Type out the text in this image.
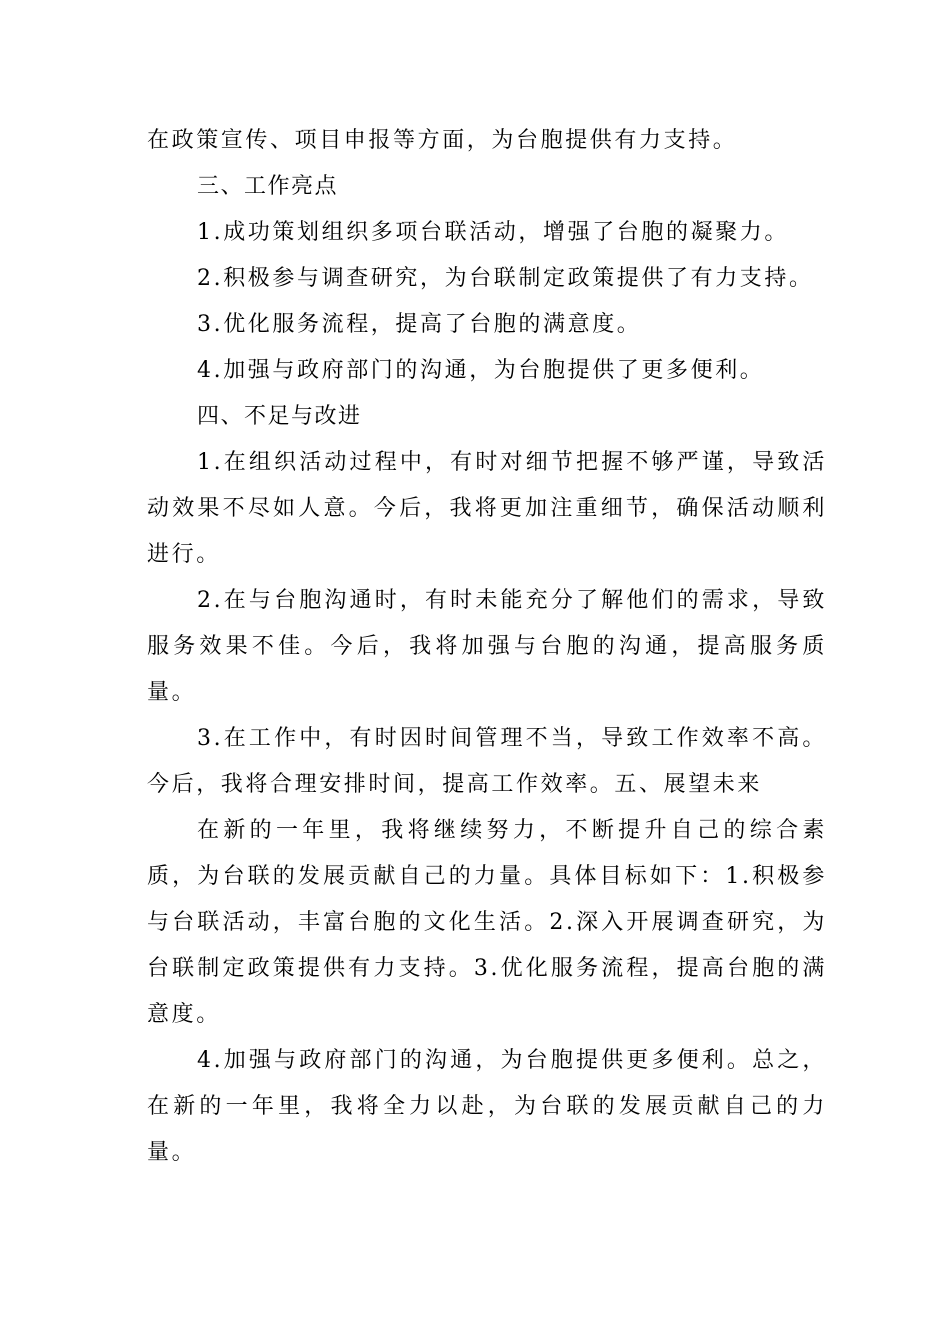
在政策宣传、项目申报等方面，为台胞提供有力支持。

三、工作亮点

1.成功策划组织多项台联活动，增强了台胞的凝聚力。

2.积极参与调查研究，为台联制定政策提供了有力支持。

3.优化服务流程，提高了台胞的满意度。

4.加强与政府部门的沟通，为台胞提供了更多便利。

四、不足与改进

1.在组织活动过程中，有时对细节把握不够严谨，导致活动效果不尽如人意。今后，我将更加注重细节，确保活动顺利进行。

2.在与台胞沟通时，有时未能充分了解他们的需求，导致服务效果不佳。今后，我将加强与台胞的沟通，提高服务质量。

3.在工作中，有时因时间管理不当，导致工作效率不高。今后，我将合理安排时间，提高工作效率。五、展望未来

在新的一年里，我将继续努力，不断提升自己的综合素质，为台联的发展贡献自己的力量。具体目标如下：1.积极参与台联活动，丰富台胞的文化生活。2.深入开展调查研究，为台联制定政策提供有力支持。3.优化服务流程，提高台胞的满意度。

4.加强与政府部门的沟通，为台胞提供更多便利。总之，在新的一年里，我将全力以赴，为台联的发展贡献自己的力量。
